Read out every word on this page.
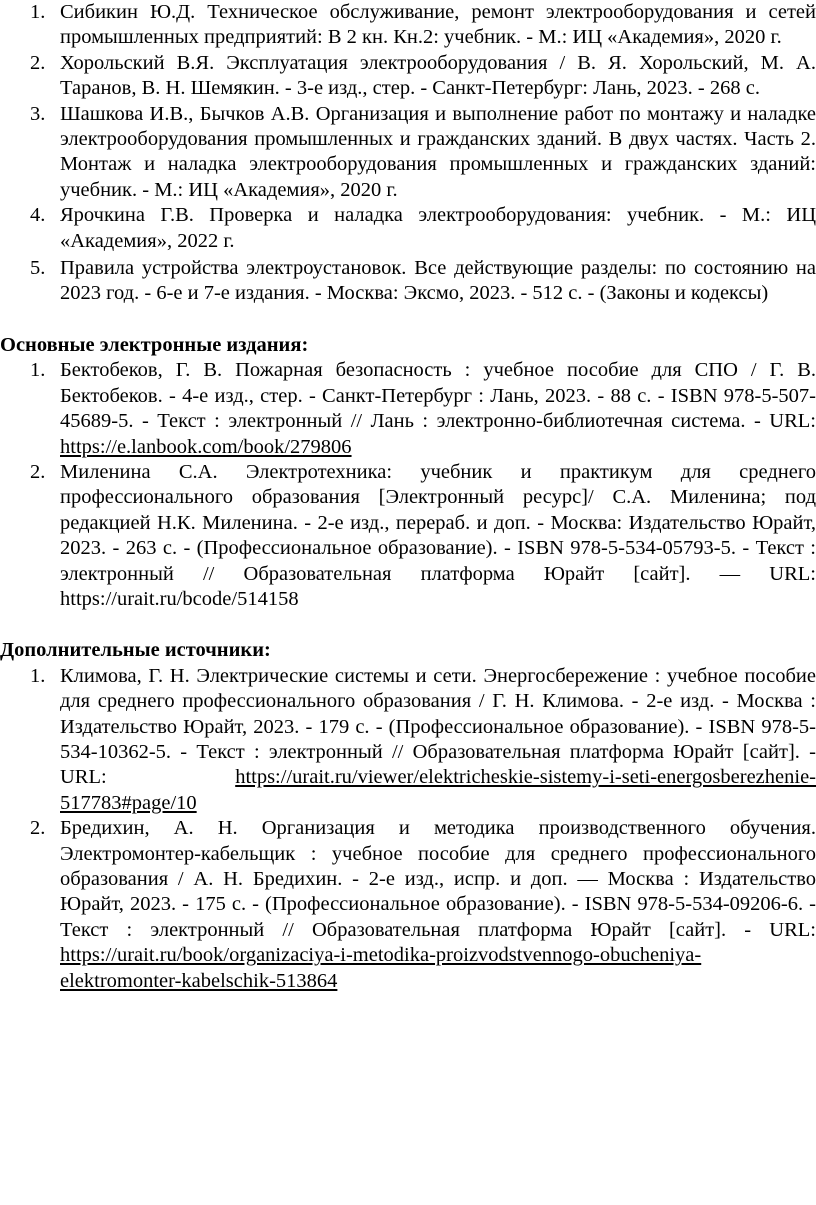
1. Сибикин Ю.Д. Техническое обслуживание, ремонт электрооборудования и сетей промышленных предприятий: В 2 кн. Кн.2: учебник. - М.: ИЦ «Академия», 2020 г.
2. Хорольский В.Я. Эксплуатация электрооборудования / В. Я. Хорольский, М. А. Таранов, В. Н. Шемякин. - 3-е изд., стер. - Санкт-Петербург: Лань, 2023. - 268 с.
3. Шашкова И.В., Бычков А.В. Организация и выполнение работ по монтажу и наладке электрооборудования промышленных и гражданских зданий. В двух частях. Часть 2. Монтаж и наладка электрооборудования промышленных и гражданских зданий: учебник. - М.: ИЦ «Академия», 2020 г.
4. Ярочкина Г.В. Проверка и наладка электрооборудования: учебник. - М.: ИЦ «Академия», 2022 г.
5. Правила устройства электроустановок. Все действующие разделы: по состоянию на 2023 год. - 6-е и 7-е издания. - Москва: Эксмо, 2023. - 512 с. - (Законы и кодексы)

Основные электронные издания:

1. Бектобеков, Г. В. Пожарная безопасность : учебное пособие для СПО / Г. В. Бектобеков. - 4-е изд., стер. - Санкт-Петербург : Лань, 2023. - 88 с. - ISBN 978-5-507-45689-5. - Текст : электронный // Лань : электронно-библиотечная система. - URL: https://e.lanbook.com/book/279806
2. Миленина С.А. Электротехника: учебник и практикум для среднего профессионального образования [Электронный ресурс]/ С.А. Миленина; под редакцией Н.К. Миленина. - 2-е изд., перераб. и доп. - Москва: Издательство Юрайт, 2023. - 263 с. - (Профессиональное образование). - ISBN 978-5-534-05793-5. - Текст : электронный // Образовательная платформа Юрайт [сайт]. — URL: https://urait.ru/bcode/514158

Дополнительные источники:

1. Климова, Г. Н. Электрические системы и сети. Энергосбережение : учебное пособие для среднего профессионального образования / Г. Н. Климова. - 2-е изд. - Москва : Издательство Юрайт, 2023. - 179 с. - (Профессиональное образование). - ISBN 978-5-534-10362-5. - Текст : электронный // Образовательная платформа Юрайт [сайт]. - URL: https://urait.ru/viewer/elektricheskie-sistemy-i-seti-energosberezhenie-517783#page/10
2. Бредихин, А. Н. Организация и методика производственного обучения. Электромонтер-кабельщик : учебное пособие для среднего профессионального образования / А. Н. Бредихин. - 2-е изд., испр. и доп. — Москва : Издательство Юрайт, 2023. - 175 с. - (Профессиональное образование). - ISBN 978-5-534-09206-6. - Текст : электронный // Образовательная платформа Юрайт [сайт]. - URL: https://urait.ru/book/organizaciya-i-metodika-proizvodstvennogo-obucheniya-elektromonter-kabelschik-513864
